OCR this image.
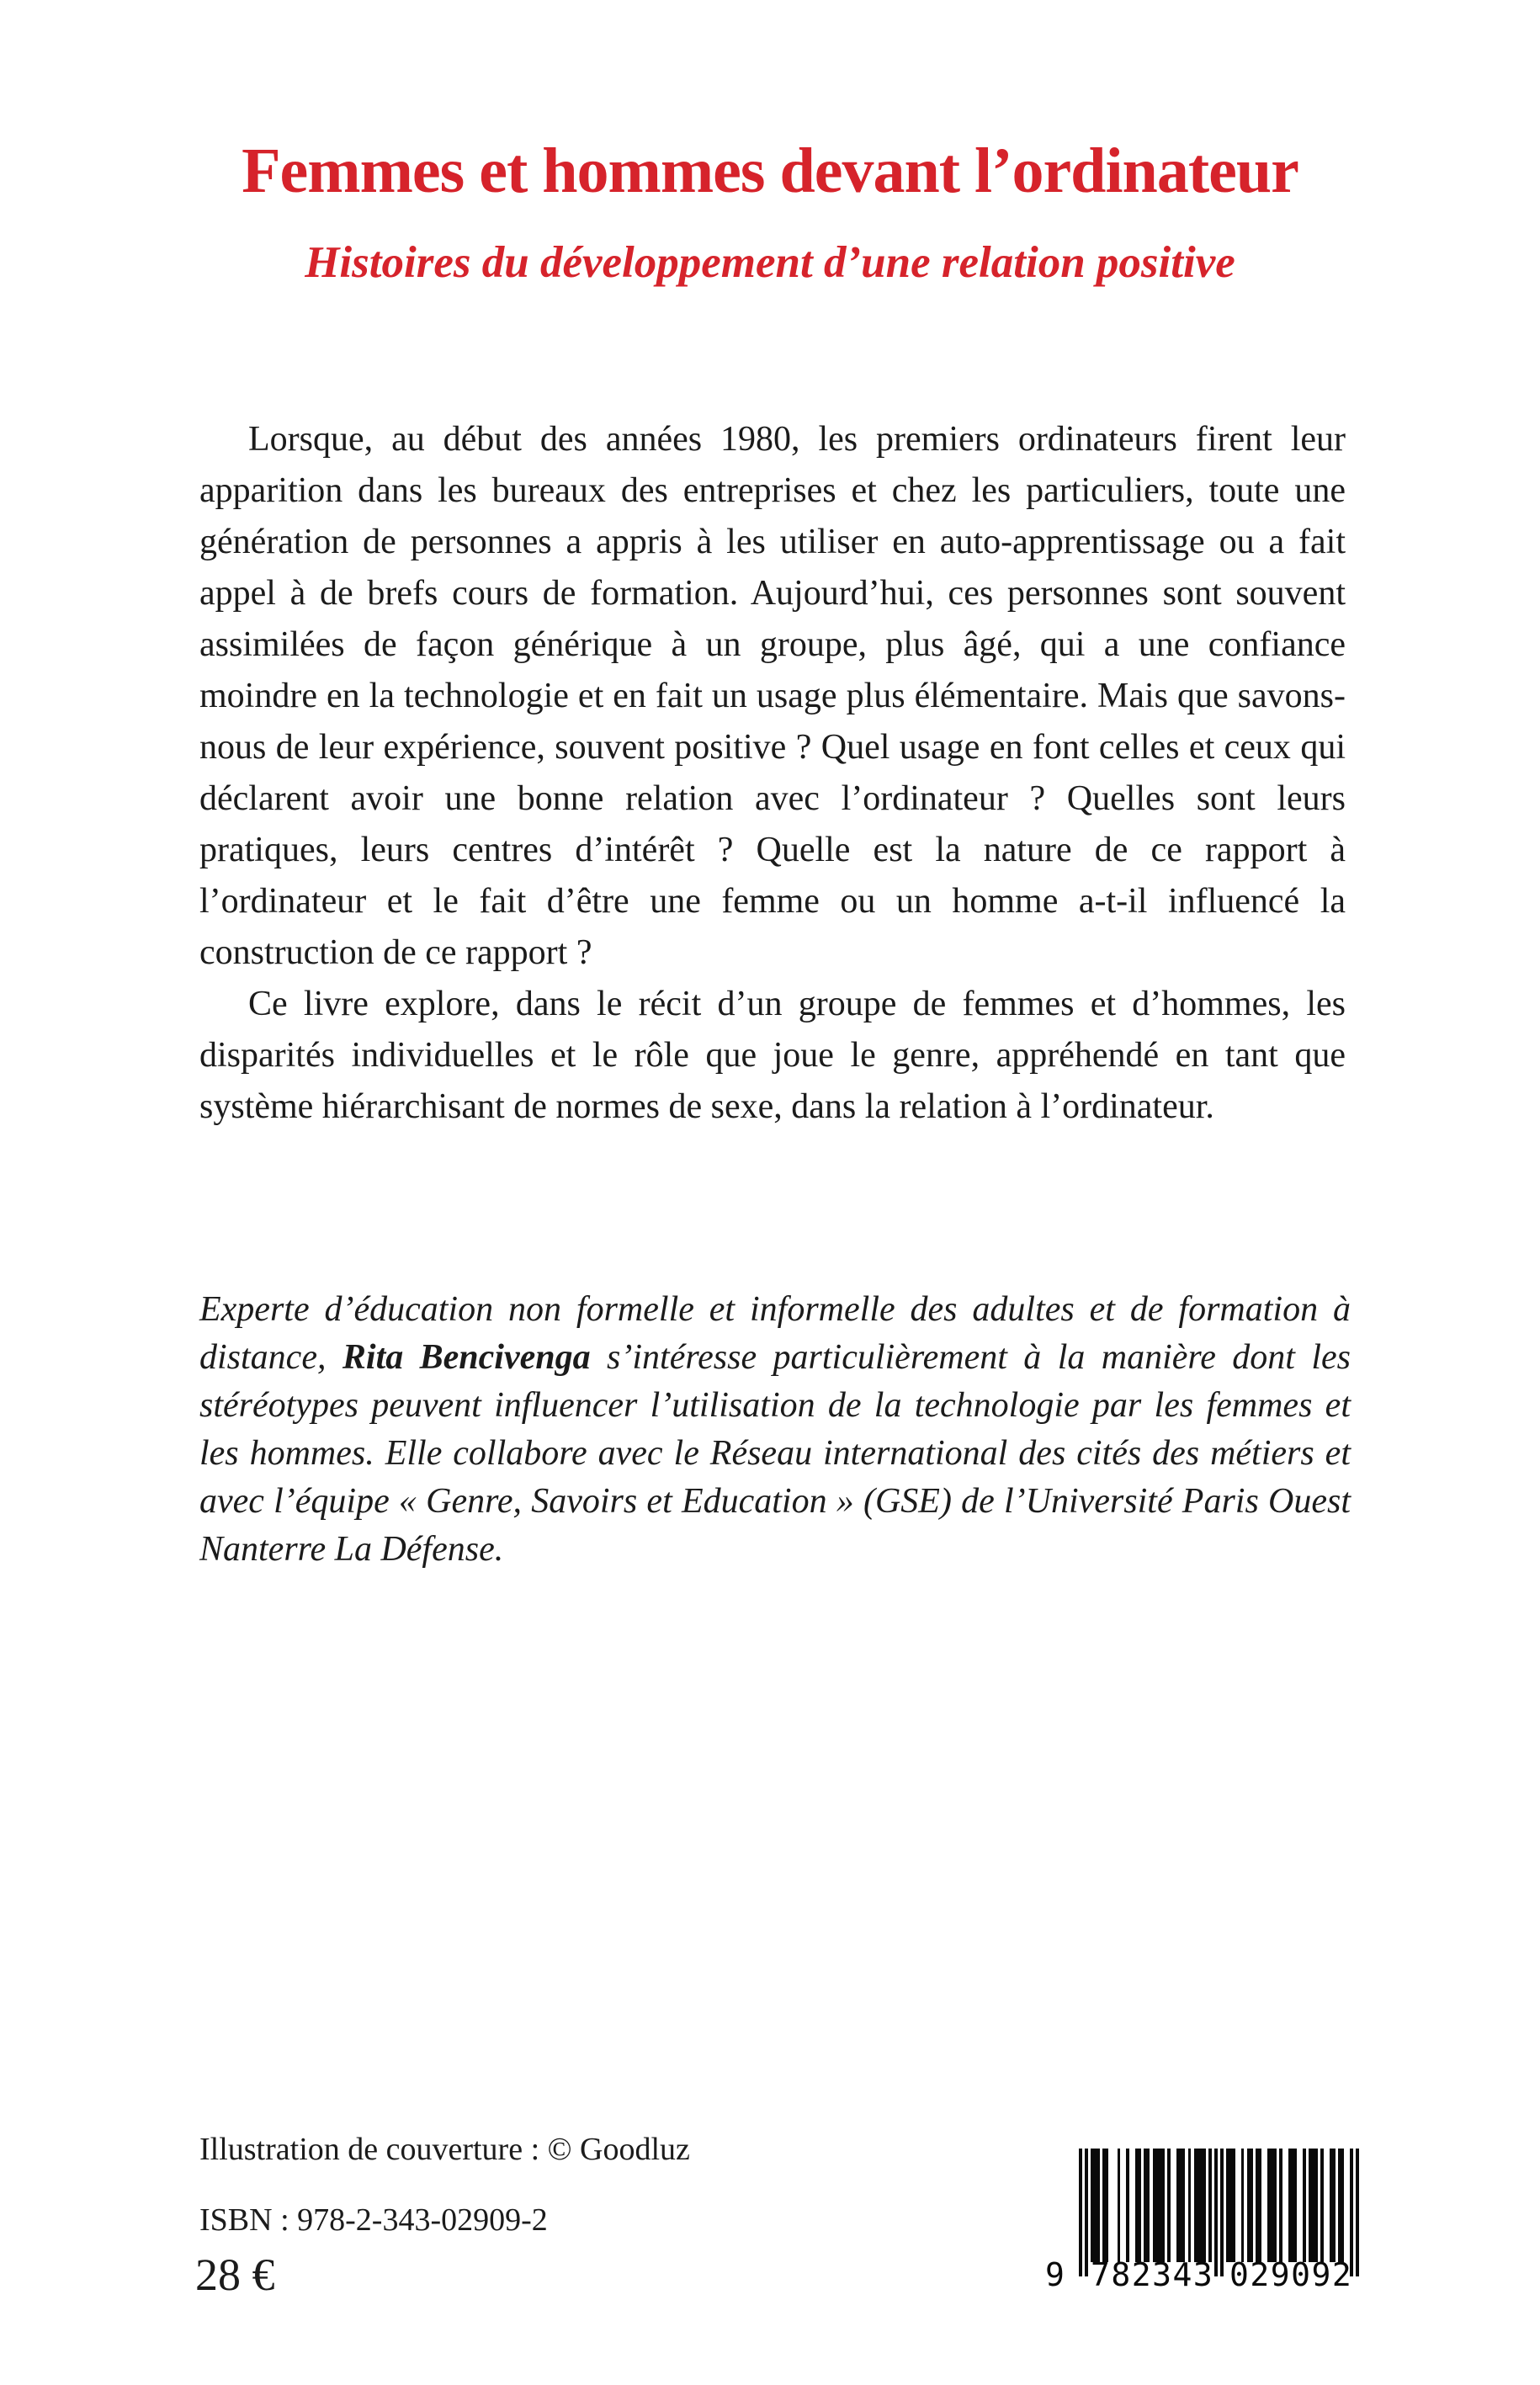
Femmes et hommes devant l’ordinateur
Histoires du développement d’une relation positive

Lorsque, au début des années 1980, les premiers ordinateurs firent leur apparition dans les bureaux des entreprises et chez les particuliers, toute une génération de personnes a appris à les utiliser en auto-apprentissage ou a fait appel à de brefs cours de formation. Aujourd’hui, ces personnes sont souvent assimilées de façon générique à un groupe, plus âgé, qui a une confiance moindre en la technologie et en fait un usage plus élémentaire. Mais que savons-nous de leur expérience, souvent positive ? Quel usage en font celles et ceux qui déclarent avoir une bonne relation avec l’ordinateur ? Quelles sont leurs pratiques, leurs centres d’intérêt ? Quelle est la nature de ce rapport à l’ordinateur et le fait d’être une femme ou un homme a-t-il influencé la construction de ce rapport ?

Ce livre explore, dans le récit d’un groupe de femmes et d’hommes, les disparités individuelles et le rôle que joue le genre, appréhendé en tant que système hiérarchisant de normes de sexe, dans la relation à l’ordinateur.

Experte d’éducation non formelle et informelle des adultes et de formation à distance, Rita Bencivenga s’intéresse particulièrement à la manière dont les stéréotypes peuvent influencer l’utilisation de la technologie par les femmes et les hommes. Elle collabore avec le Réseau international des cités des métiers et avec l’équipe « Genre, Savoirs et Education » (GSE) de l’Université Paris Ouest Nanterre La Défense.
Illustration de couverture : © Goodluz
ISBN : 978-2-343-02909-2
28 €	9 782343 029092
